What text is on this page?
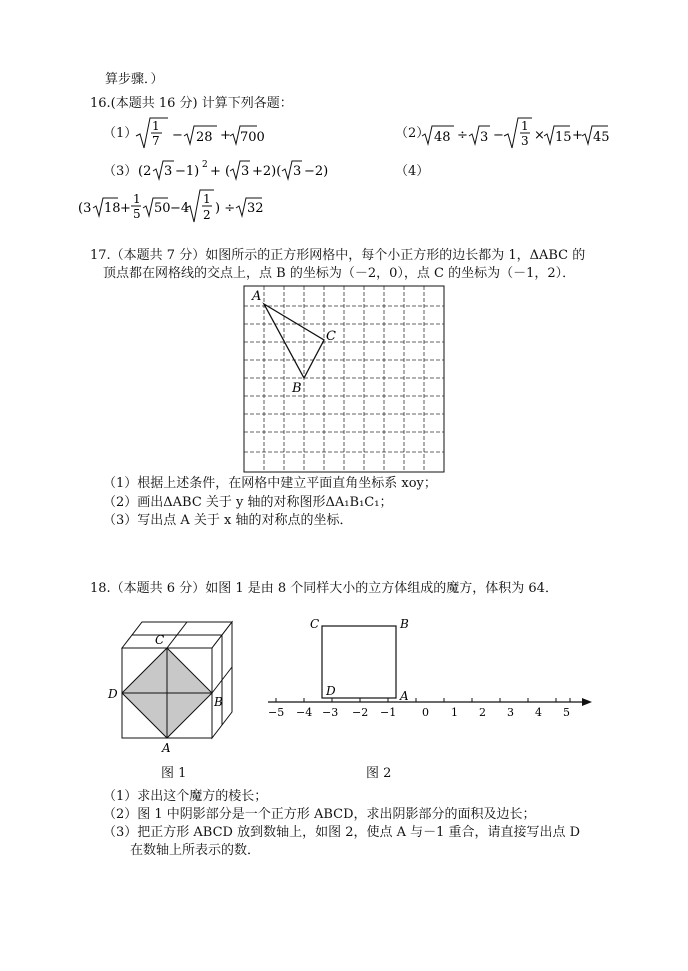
算步骤．）
16.(本题共 16 分) 计算下列各题：
（1） 1
7 − 28 + 700	（2） 48 ÷ 3 −
1
3 × 15 + 45
（3） (2 3 −1) 2 + ( 3 +2)( 3 −2)	（4）
(3 18 +
1
5 50 −4
1
2 ) ÷ 32
17.（本题共 7 分）如图所示的正方形网格中，每个小正方形的边长都为 1，ΔABC 的
顶点都在网格线的交点上，点 B 的坐标为（－2，0），点 C 的坐标为（－1，2）．
A
C
B
（1）根据上述条件，在网格中建立平面直角坐标系 xoy；
（2）画出ΔABC 关于 y 轴的对称图形ΔA₁B₁C₁；
（3）写出点 A 关于 x 轴的对称点的坐标．
18.（本题共 6 分）如图 1 是由 8 个同样大小的立方体组成的魔方，体积为 64．
C
D
B
A
C	B
D	A
−5 −4 −3 −2 −1 0 1 2 3 4 5
图 1	图 2
（1）求出这个魔方的棱长；
（2）图 1 中阴影部分是一个正方形 ABCD，求出阴影部分的面积及边长；
（3）把正方形 ABCD 放到数轴上，如图 2，使点 A 与－1 重合，请直接写出点 D
在数轴上所表示的数．
